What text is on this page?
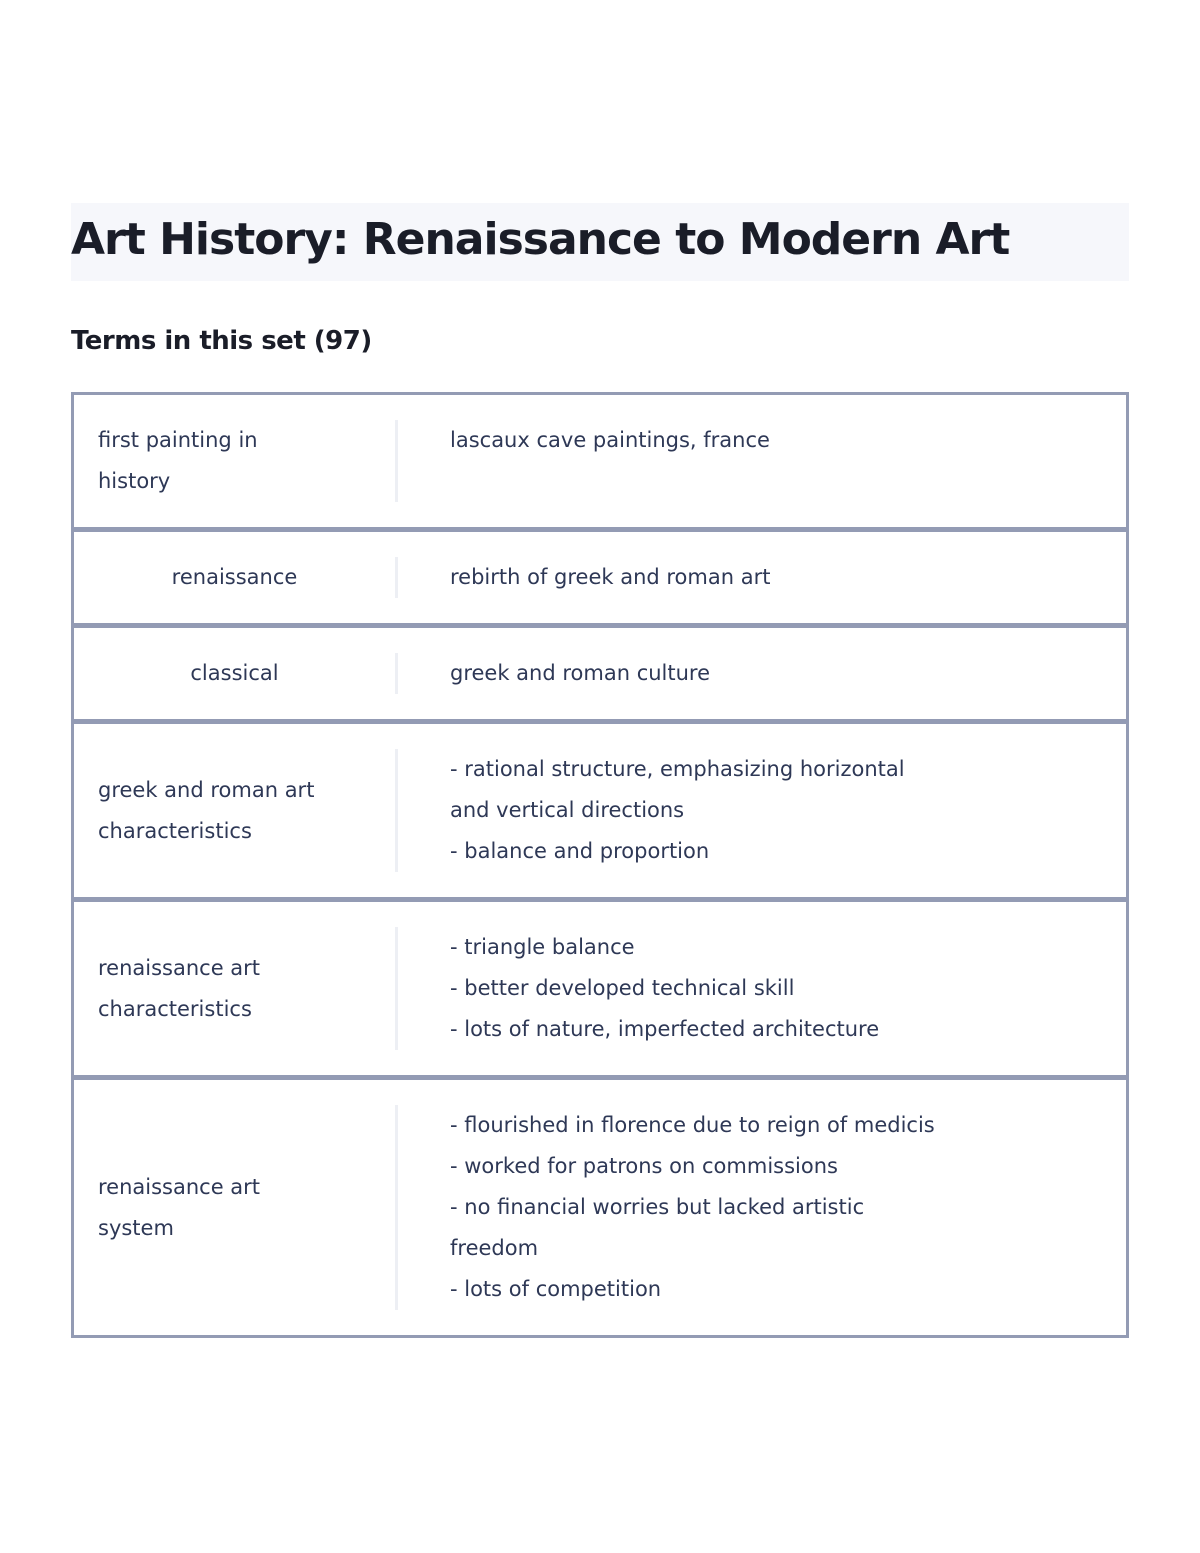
Art History: Renaissance to Modern Art
Terms in this set (97)
first painting in
history
lascaux cave paintings, france
renaissance	rebirth of greek and roman art
classical	greek and roman culture
greek and roman art
characteristics
- rational structure, emphasizing horizontal
and vertical directions
- balance and proportion
renaissance art
characteristics
- triangle balance
- better developed technical skill
- lots of nature, imperfected architecture
renaissance art
system
- flourished in florence due to reign of medicis
- worked for patrons on commissions
- no financial worries but lacked artistic
freedom
- lots of competition
